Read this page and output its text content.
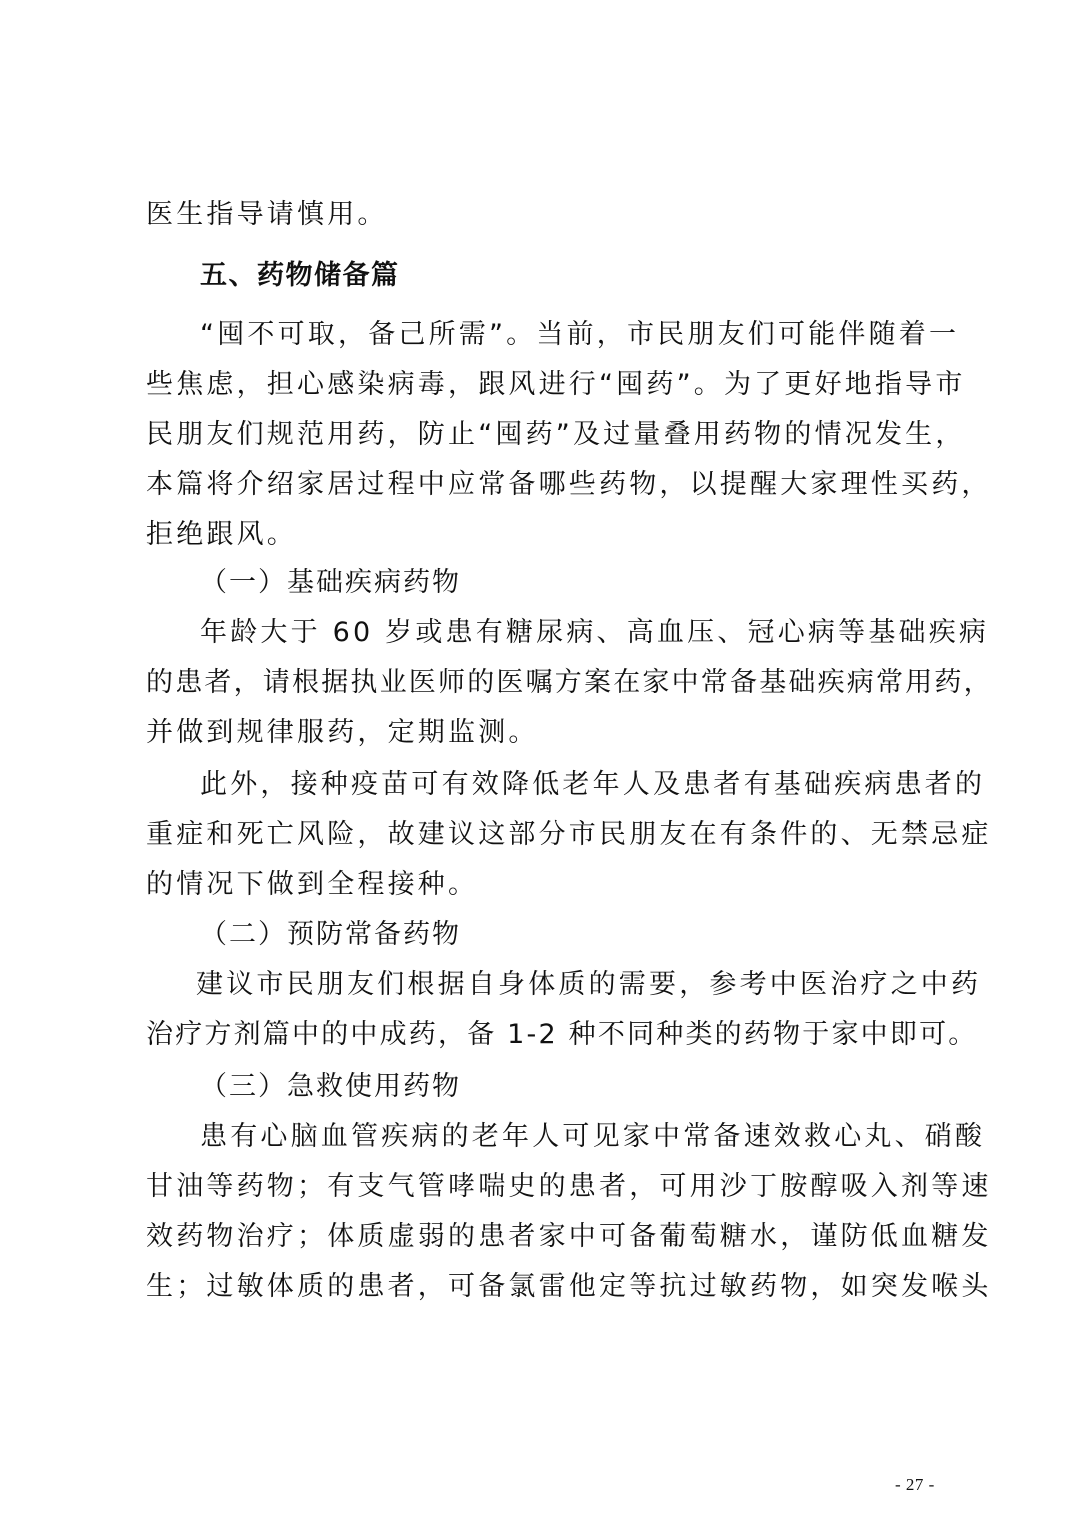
医生指导请慎用。
五、药物储备篇
“囤不可取，备己所需”。当前，市民朋友们可能伴随着一
些焦虑，担心感染病毒，跟风进行“囤药”。为了更好地指导市
民朋友们规范用药，防止“囤药”及过量叠用药物的情况发生，
本篇将介绍家居过程中应常备哪些药物，以提醒大家理性买药，
拒绝跟风。
（一）基础疾病药物
年龄大于 60 岁或患有糖尿病、高血压、冠心病等基础疾病
的患者，请根据执业医师的医嘱方案在家中常备基础疾病常用药，
并做到规律服药，定期监测。
此外，接种疫苗可有效降低老年人及患者有基础疾病患者的
重症和死亡风险，故建议这部分市民朋友在有条件的、无禁忌症
的情况下做到全程接种。
（二）预防常备药物
建议市民朋友们根据自身体质的需要，参考中医治疗之中药
治疗方剂篇中的中成药，备 1-2 种不同种类的药物于家中即可。
（三）急救使用药物
患有心脑血管疾病的老年人可见家中常备速效救心丸、硝酸
甘油等药物；有支气管哮喘史的患者，可用沙丁胺醇吸入剂等速
效药物治疗；体质虚弱的患者家中可备葡萄糖水，谨防低血糖发
生；过敏体质的患者，可备氯雷他定等抗过敏药物，如突发喉头
- 27 -
